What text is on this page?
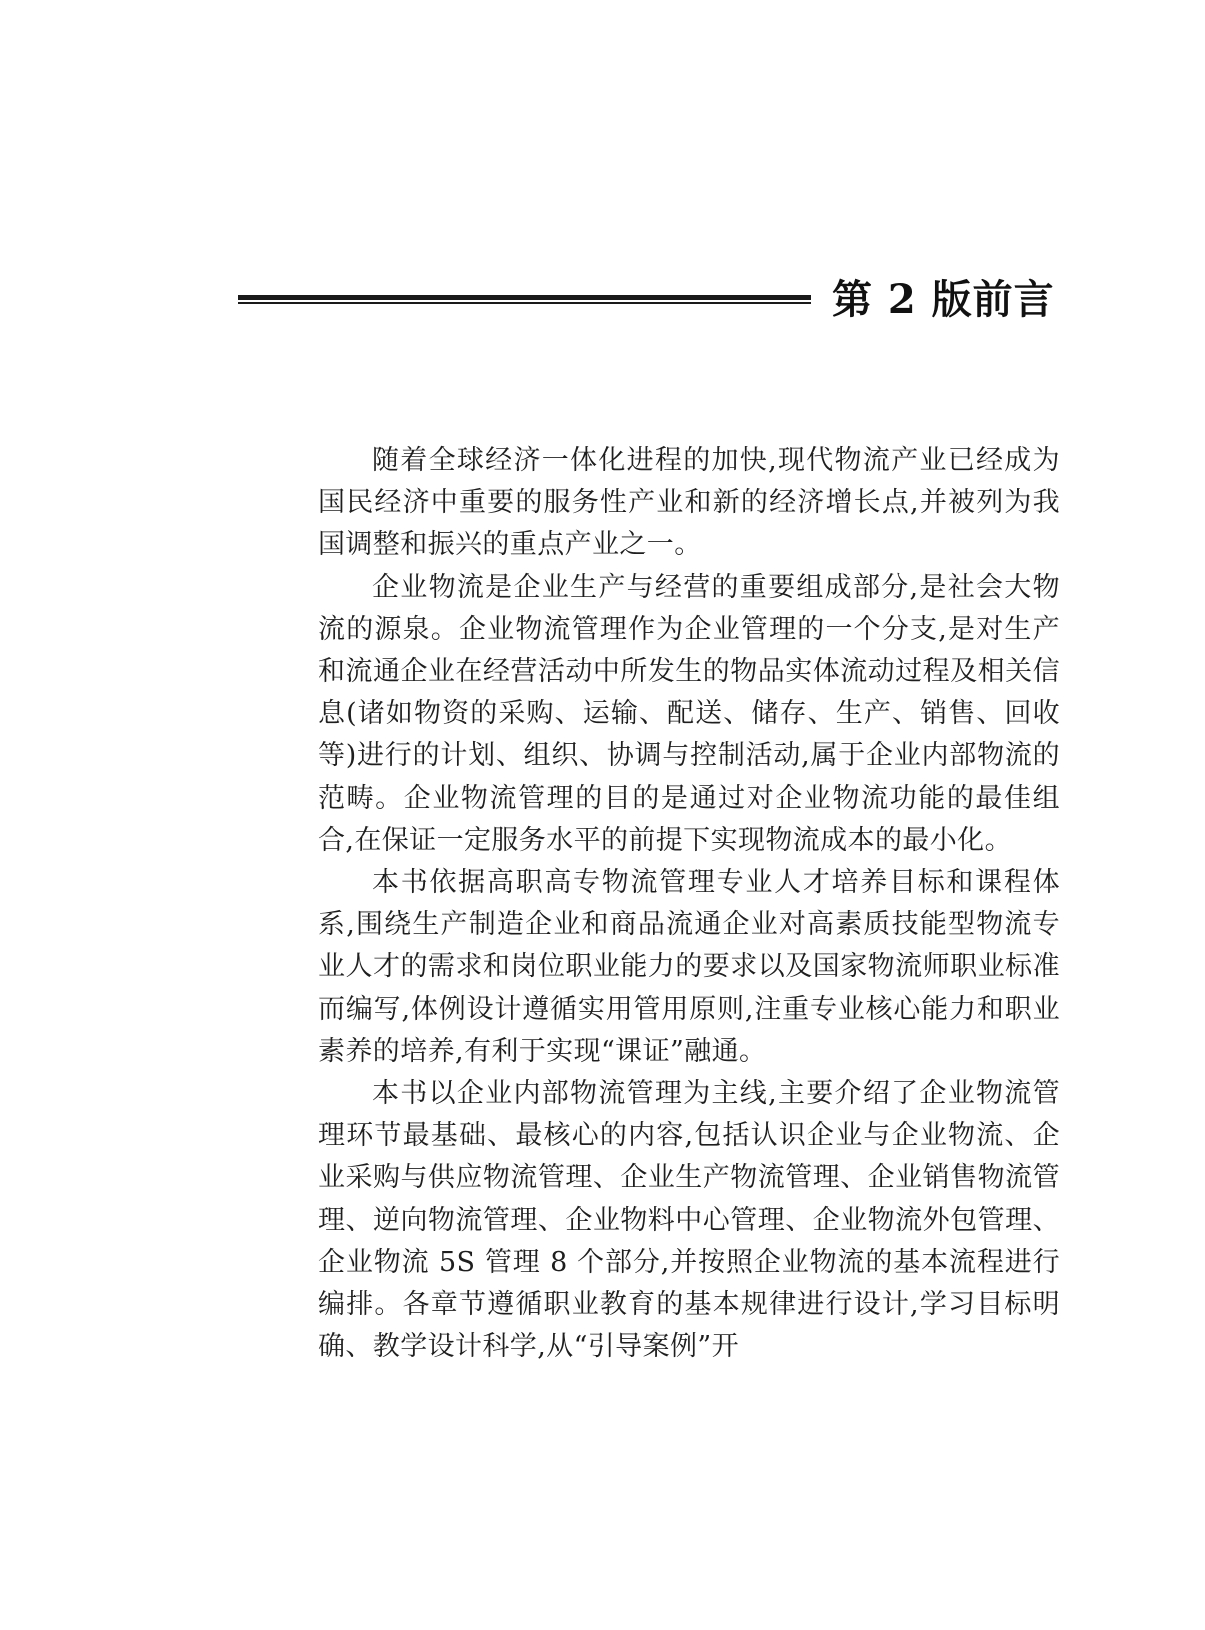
第 2 版前言

随着全球经济一体化进程的加快,现代物流产业已经成为国民经济中重要的服务性产业和新的经济增长点,并被列为我国调整和振兴的重点产业之一。

企业物流是企业生产与经营的重要组成部分,是社会大物流的源泉。企业物流管理作为企业管理的一个分支,是对生产和流通企业在经营活动中所发生的物品实体流动过程及相关信息(诸如物资的采购、运输、配送、储存、生产、销售、回收等)进行的计划、组织、协调与控制活动,属于企业内部物流的范畴。企业物流管理的目的是通过对企业物流功能的最佳组合,在保证一定服务水平的前提下实现物流成本的最小化。

本书依据高职高专物流管理专业人才培养目标和课程体系,围绕生产制造企业和商品流通企业对高素质技能型物流专业人才的需求和岗位职业能力的要求以及国家物流师职业标准而编写,体例设计遵循实用管用原则,注重专业核心能力和职业素养的培养,有利于实现“课证”融通。

本书以企业内部物流管理为主线,主要介绍了企业物流管理环节最基础、最核心的内容,包括认识企业与企业物流、企业采购与供应物流管理、企业生产物流管理、企业销售物流管理、逆向物流管理、企业物料中心管理、企业物流外包管理、企业物流 5S 管理 8 个部分,并按照企业物流的基本流程进行编排。各章节遵循职业教育的基本规律进行设计,学习目标明确、教学设计科学,从“引导案例”开
